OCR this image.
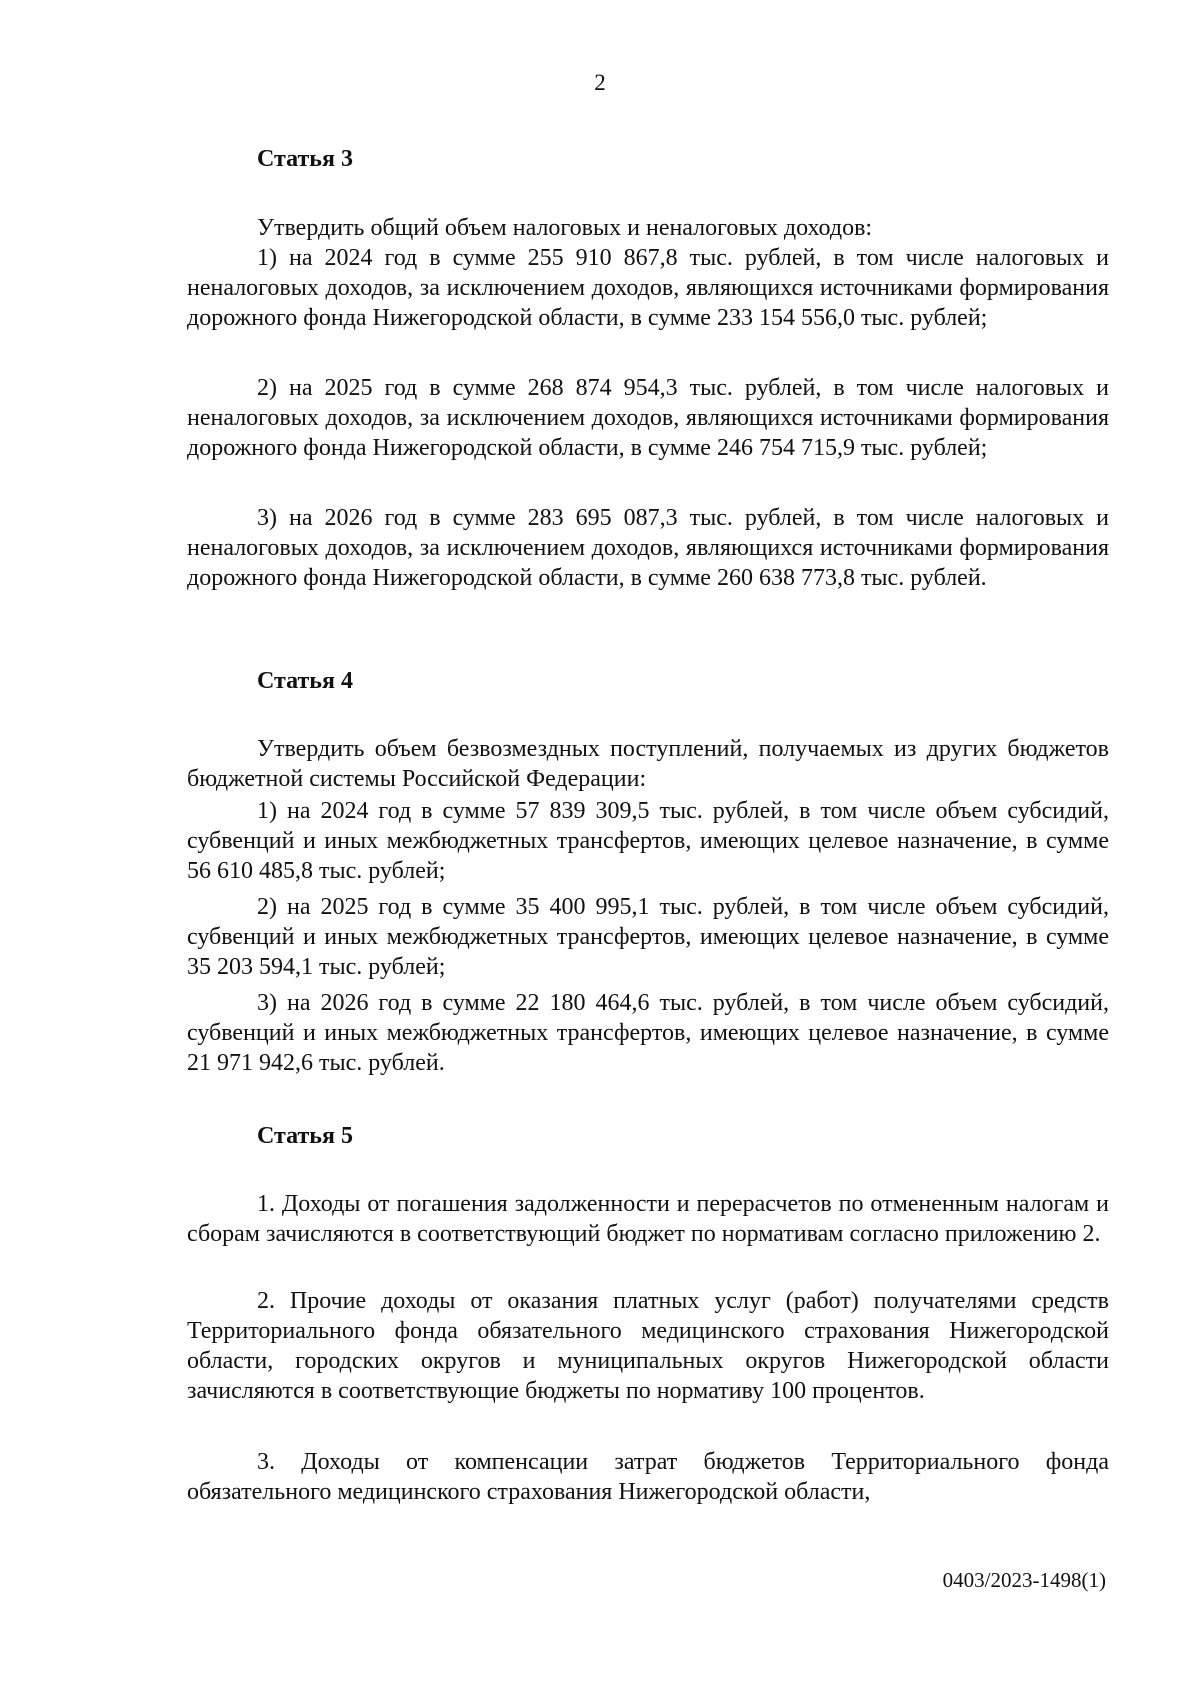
2
Статья 3

Утвердить общий объем налоговых и неналоговых доходов:

1) на 2024 год в сумме 255 910 867,8 тыс. рублей, в том числе налоговых и неналоговых доходов, за исключением доходов, являющихся источниками формирования дорожного фонда Нижегородской области, в сумме 233 154 556,0 тыс. рублей;

2) на 2025 год в сумме 268 874 954,3 тыс. рублей, в том числе налоговых и неналоговых доходов, за исключением доходов, являющихся источниками формирования дорожного фонда Нижегородской области, в сумме 246 754 715,9 тыс. рублей;

3) на 2026 год в сумме 283 695 087,3 тыс. рублей, в том числе налоговых и неналоговых доходов, за исключением доходов, являющихся источниками формирования дорожного фонда Нижегородской области, в сумме 260 638 773,8 тыс. рублей.

Статья 4

Утвердить объем безвозмездных поступлений, получаемых из других бюджетов бюджетной системы Российской Федерации:

1) на 2024 год в сумме 57 839 309,5 тыс. рублей, в том числе объем субсидий, субвенций и иных межбюджетных трансфертов, имеющих целевое назначение, в сумме 56 610 485,8 тыс. рублей;

2) на 2025 год в сумме 35 400 995,1 тыс. рублей, в том числе объем субсидий, субвенций и иных межбюджетных трансфертов, имеющих целевое назначение, в сумме 35 203 594,1 тыс. рублей;

3) на 2026 год в сумме 22 180 464,6 тыс. рублей, в том числе объем субсидий, субвенций и иных межбюджетных трансфертов, имеющих целевое назначение, в сумме 21 971 942,6 тыс. рублей.

Статья 5

1. Доходы от погашения задолженности и перерасчетов по отмененным налогам и сборам зачисляются в соответствующий бюджет по нормативам согласно приложению 2.

2. Прочие доходы от оказания платных услуг (работ) получателями средств Территориального фонда обязательного медицинского страхования Нижегородской области, городских округов и муниципальных округов Нижегородской области зачисляются в соответствующие бюджеты по нормативу 100 процентов.

3. Доходы от компенсации затрат бюджетов Территориального фонда обязательного медицинского страхования Нижегородской области,

0403/2023-1498(1)
